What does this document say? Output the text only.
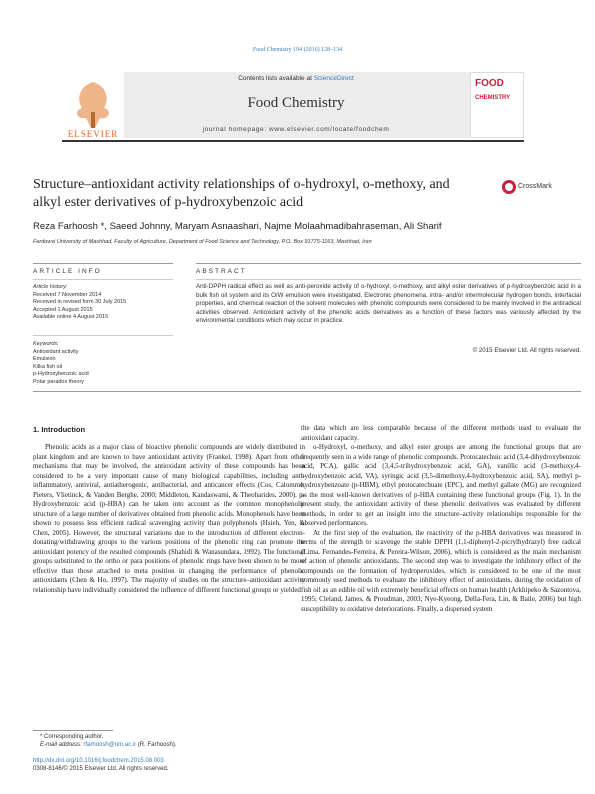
Food Chemistry 194 (2016) 128–134
ELSEVIER
Contents lists available at ScienceDirect
Food Chemistry
journal homepage: www.elsevier.com/locate/foodchem
FOOD
CHEMISTRY
Structure–antioxidant activity relationships of o-hydroxyl, o-methoxy, and alkyl ester derivatives of p-hydroxybenzoic acid
CrossMark
Reza Farhoosh *, Saeed Johnny, Maryam Asnaashari, Najme Molaahmadibahraseman, Ali Sharif
Ferdowsi University of Mashhad, Faculty of Agriculture, Department of Food Science and Technology, P.O. Box 91775-1163, Mashhad, Iran
ARTICLE INFO	ABSTRACT
Article history:
Received 7 November 2014
Received in revised form 30 July 2015
Accepted 1 August 2015
Available online 4 August 2015
Keywords:
Antioxidant activity
Emulsion
Kilka fish oil
p-Hydroxybenzoic acid
Polar paradox theory
Anti-DPPH radical effect as well as anti-peroxide activity of o-hydroxyl, o-methoxy, and alkyl ester derivatives of p-hydroxybenzoic acid in a bulk fish oil system and its O/W emulsion were investigated. Electronic phenomena, intra- and/or intermolecular hydrogen bonds, interfacial properties, and chemical reaction of the solvent molecules with phenolic compounds were considered to be mainly involved in the antiradical activities observed. Antioxidant activity of the phenolic acids derivatives as a function of these factors was variously affected by the environmental conditions which may occur in practice.
© 2015 Elsevier Ltd. All rights reserved.
1. Introduction
Phenolic acids as a major class of bioactive phenolic compounds are widely distributed in plant kingdom and are known to have antioxidant activity (Frankel, 1998). Apart from other mechanisms that may be involved, the antioxidant activity of these compounds has been considered to be a very important cause of many biological capabilities, including anti-inflammatory, antiviral, antiatherogenic, antibacterial, and anticancer effects (Cos, Calomme, Pieters, Vlietinck, & Vanden Berghe, 2000; Middleton, Kandaswami, & Theoharides, 2000). p-Hydroxybenzoic acid (p-HBA) can be taken into account as the common monophenolic structure of a large number of derivatives obtained from phenolic acids. Monophenols have been shown to possess less efficient radical scavenging activity than polyphenols (Hsieh, Yen, & Chen, 2005). However, the structural variations due to the introduction of different electron-donating/withdrawing groups to the various positions of the phenolic ring can promote the antioxidant potency of the resulted compounds (Shahidi & Wanasundara, 1992). The functional groups substituted to the ortho or para positions of phenolic rings have been shown to be more effective than those attached to meta position in changing the performance of phenolic antioxidants (Chen & Ho, 1997). The majority of studies on the structure–antioxidant activity relationship have individually considered the influence of different functional groups or yielded
the data which are less comparable because of the different methods used to evaluate the antioxidant capacity.
o-Hydroxyl, o-methoxy, and alkyl ester groups are among the functional groups that are frequently seen in a wide range of phenolic compounds. Protocatechuic acid (3,4-dihydroxybenzoic acid, PCA), gallic acid (3,4,5-trihydroxybenzoic acid, GA), vanillic acid (3-methoxy,4-hydroxybenzoic acid, VA), syringic acid (3,5-dimethoxy,4-hydroxybenzoic acid, SA), methyl p-hydroxybenzoate (p-HBM), ethyl protocatechuate (EPC), and methyl gallate (MG) are recognized as the most well-known derivatives of p-HBA containing these functional groups (Fig. 1). In the present study, the antioxidant activity of these phenolic derivatives was evaluated by different methods, in order to get an insight into the structure–activity relationships responsible for the observed performances.
At the first step of the evaluation, the reactivity of the p-HBA derivatives was measured in terms of the strength to scavenge the stable DPPH (1,1-diphenyl-2-picrylhydrazyl) free radical (Lima, Fernandes-Ferreira, & Pereira-Wilson, 2006), which is considered as the main mechanism of action of phenolic antioxidants. The second step was to investigate the inhibitory effect of the compounds on the formation of hydroperoxides, which is considered to be one of the most commonly used methods to evaluate the inhibitory effect of antioxidants, during the oxidation of fish oil as an edible oil with extremely beneficial effects on human health (Arkhipeko & Sazontova, 1995; Cleland, James, & Proudman, 2003; Nye-Kyeong, Della-Fera, Lin, & Baile, 2006) but high susceptibility to oxidative deteriorations. Finally, a dispersed system
* Corresponding author.
E-mail address: rfarhoosh@um.ac.ir (R. Farhoosh).
http://dx.doi.org/10.1016/j.foodchem.2015.08.003
0308-8146/© 2015 Elsevier Ltd. All rights reserved.
